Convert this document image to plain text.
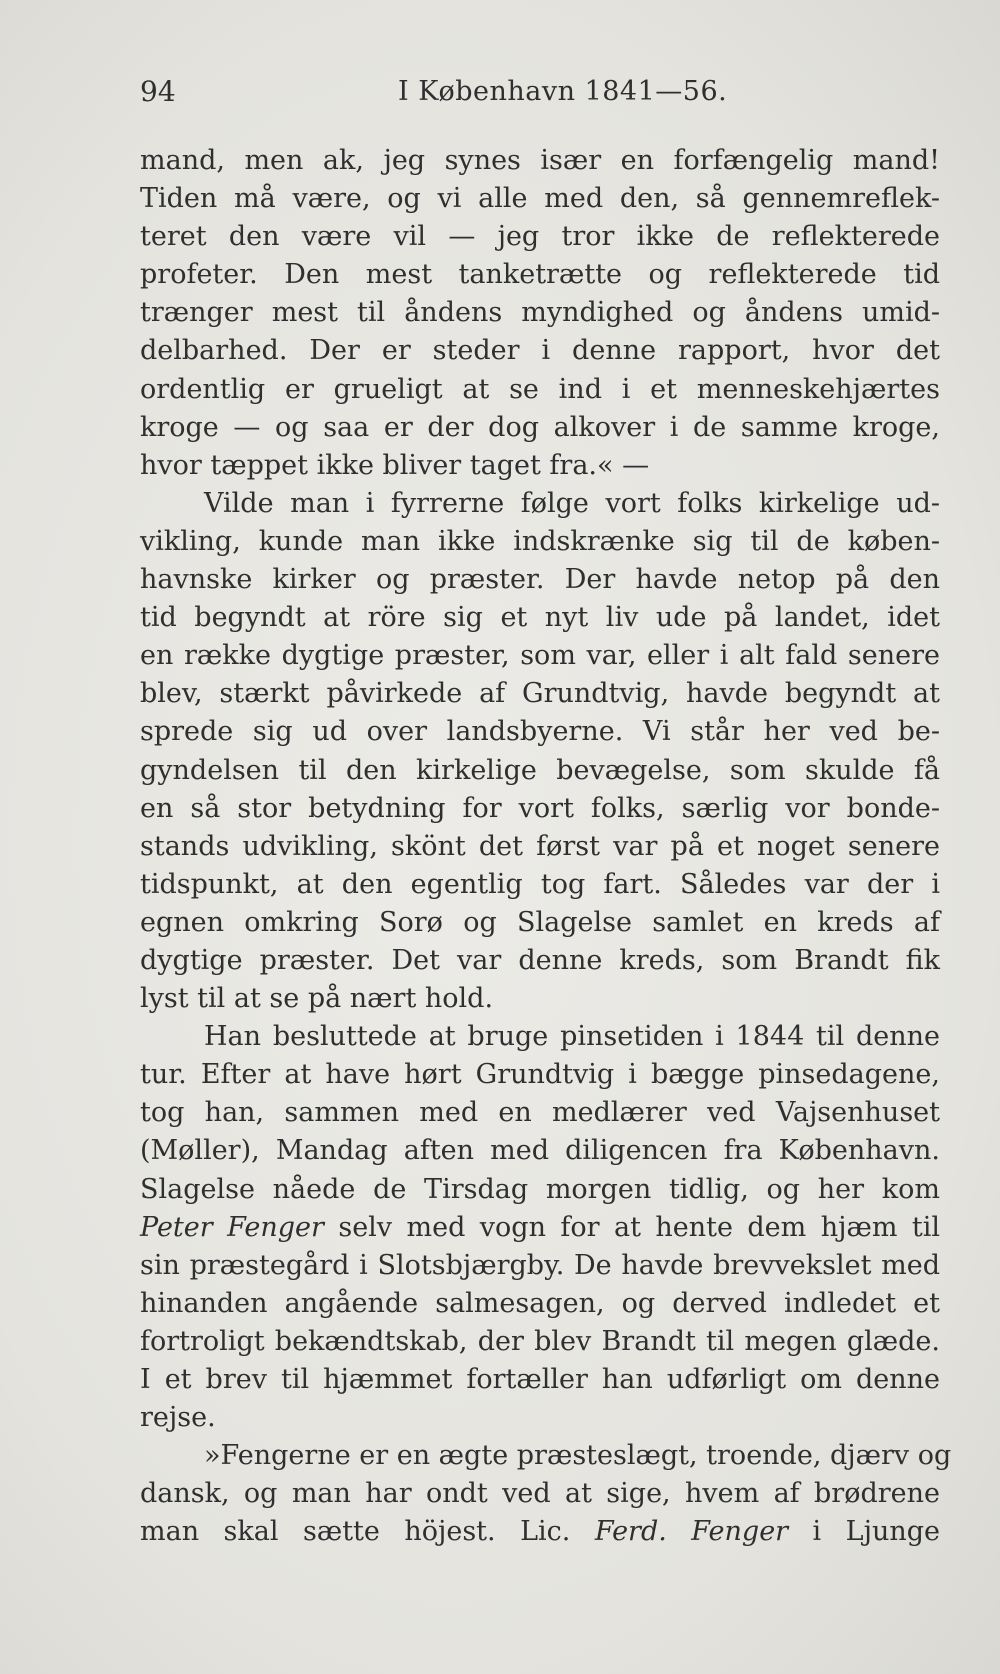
94	I København 1841—56.
mand, men ak, jeg synes især en forfængelig mand!
Tiden må være, og vi alle med den, så gennemreflek-
teret den være vil — jeg tror ikke de reflekterede
profeter. Den mest tanketrætte og reflekterede tid
trænger mest til åndens myndighed og åndens umid-
delbarhed. Der er steder i denne rapport, hvor det
ordentlig er grueligt at se ind i et menneskehjærtes
kroge — og saa er der dog alkover i de samme kroge,
hvor tæppet ikke bliver taget fra.« —
Vilde man i fyrrerne følge vort folks kirkelige ud-
vikling, kunde man ikke indskrænke sig til de køben-
havnske kirker og præster. Der havde netop på den
tid begyndt at röre sig et nyt liv ude på landet, idet
en række dygtige præster, som var, eller i alt fald senere
blev, stærkt påvirkede af Grundtvig, havde begyndt at
sprede sig ud over landsbyerne. Vi står her ved be-
gyndelsen til den kirkelige bevægelse, som skulde få
en så stor betydning for vort folks, særlig vor bonde-
stands udvikling, skönt det først var på et noget senere
tidspunkt, at den egentlig tog fart. Således var der i
egnen omkring Sorø og Slagelse samlet en kreds af
dygtige præster. Det var denne kreds, som Brandt fik
lyst til at se på nært hold.
Han besluttede at bruge pinsetiden i 1844 til denne
tur. Efter at have hørt Grundtvig i bægge pinsedagene,
tog han, sammen med en medlærer ved Vajsenhuset
(Møller), Mandag aften med diligencen fra København.
Slagelse nåede de Tirsdag morgen tidlig, og her kom
Peter Fenger selv med vogn for at hente dem hjæm til
sin præstegård i Slotsbjærgby. De havde brevvekslet med
hinanden angående salmesagen, og derved indledet et
fortroligt bekændtskab, der blev Brandt til megen glæde.
I et brev til hjæmmet fortæller han udførligt om denne
rejse.
»Fengerne er en ægte præsteslægt, troende, djærv og
dansk, og man har ondt ved at sige, hvem af brødrene
man skal sætte höjest. Lic. Ferd. Fenger i Ljunge
